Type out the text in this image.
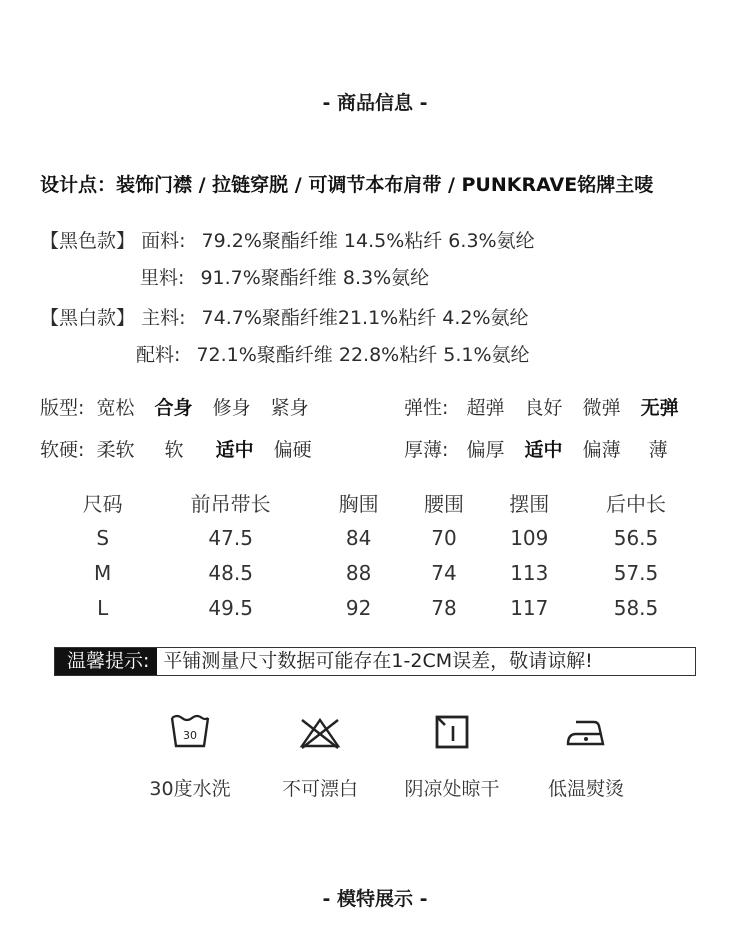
- 商品信息 -
设计点：装饰门襟 / 拉链穿脱 / 可调节本布肩带 / PUNKRAVE铭牌主唛
【黑色款】 面料: 79.2%聚酯纤维 14.5%粘纤 6.3%氨纶
里料: 91.7%聚酯纤维 8.3%氨纶
【黑白款】 主料: 74.7%聚酯纤维21.1%粘纤 4.2%氨纶
配料: 72.1%聚酯纤维 22.8%粘纤 5.1%氨纶
版型: 宽松 合身 修身 紧身	弹性: 超弹 良好 微弹 无弹
软硬: 柔软 软 适中 偏硬	厚薄: 偏厚 适中 偏薄 薄
尺码	前吊带长	胸围	腰围	摆围	后中长
S	47.5	84	70	109	56.5
M	48.5	88	74	113	57.5
L	49.5	92	78	117	58.5
温馨提示: 平铺测量尺寸数据可能存在1-2CM误差，敬请谅解!
30
30度水洗	不可漂白	阴凉处晾干	低温熨烫
- 模特展示 -
